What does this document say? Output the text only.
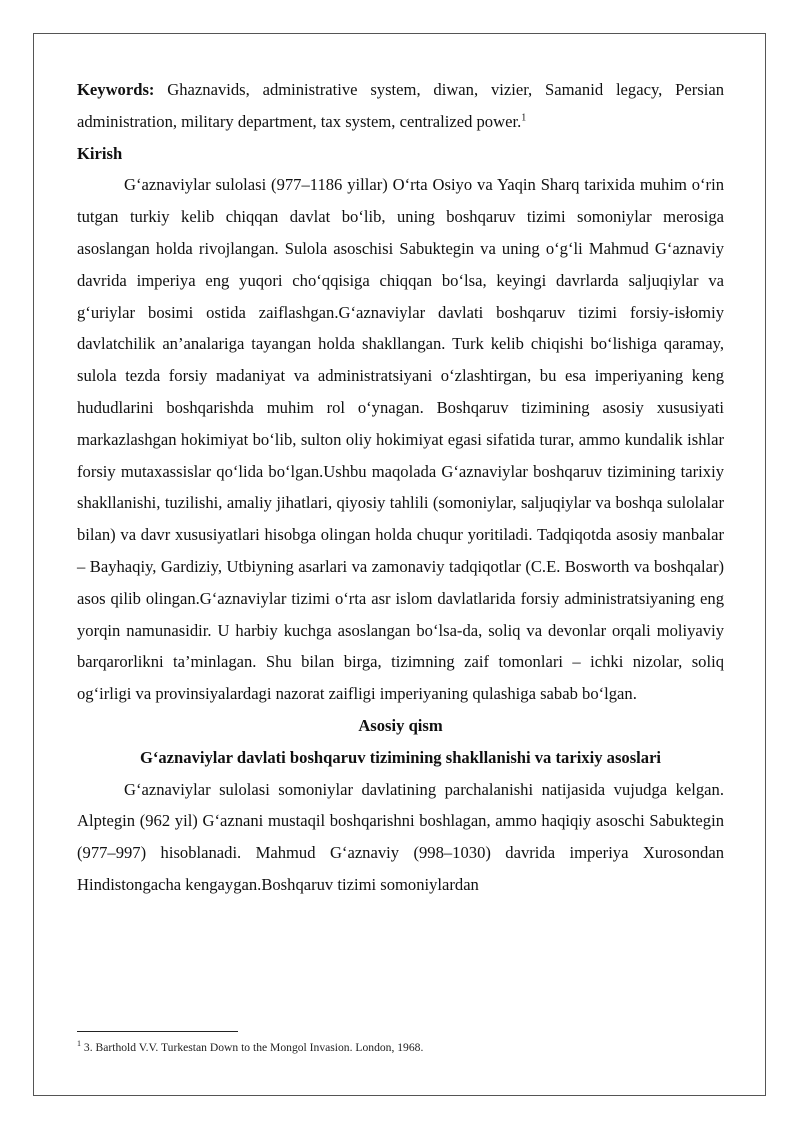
Keywords: Ghaznavids, administrative system, diwan, vizier, Samanid legacy, Persian administration, military department, tax system, centralized power.$^1$

Kirish

G‘aznaviylar sulolasi (977–1186 yillar) O‘rta Osiyo va Yaqin Sharq tarixida muhim o‘rin tutgan turkiy kelib chiqqan davlat bo‘lib, uning boshqaruv tizimi somoniylar merosiga asoslangan holda rivojlangan. Sulola asoschisi Sabuktegin va uning o‘g‘li Mahmud G‘aznaviy davrida imperiya eng yuqori cho‘qqisiga chiqqan bo‘lsa, keyingi davrlarda saljuqiylar va g‘uriylar bosimi ostida zaiflashgan.G‘aznaviylar davlati boshqaruv tizimi forsiy-isłomiy davlatchilik an’analariga tayangan holda shakllangan. Turk kelib chiqishi bo‘lishiga qaramay, sulola tezda forsiy madaniyat va administratsiyani o‘zlashtirgan, bu esa imperiyaning keng hududlarini boshqarishda muhim rol o‘ynagan. Boshqaruv tizimining asosiy xususiyati markazlashgan hokimiyat bo‘lib, sulton oliy hokimiyat egasi sifatida turar, ammo kundalik ishlar forsiy mutaxassislar qo‘lida bo‘lgan.Ushbu maqolada G‘aznaviylar boshqaruv tizimining tarixiy shakllanishi, tuzilishi, amaliy jihatlari, qiyosiy tahlili (somoniylar, saljuqiylar va boshqa sulolalar bilan) va davr xususiyatlari hisobga olingan holda chuqur yoritiladi. Tadqiqotda asosiy manbalar – Bayhaqiy, Gardiziy, Utbiyning asarlari va zamonaviy tadqiqotlar (C.E. Bosworth va boshqalar) asos qilib olingan.G‘aznaviylar tizimi o‘rta asr islom davlatlarida forsiy administratsiyaning eng yorqin namunasidir. U harbiy kuchga asoslangan bo‘lsa-da, soliq va devonlar orqali moliyaviy barqarorlikni ta’minlagan. Shu bilan birga, tizimning zaif tomonlari – ichki nizolar, soliq og‘irligi va provinsiyalardagi nazorat zaifligi imperiyaning qulashiga sabab bo‘lgan.

Asosiy qism

G‘aznaviylar davlati boshqaruv tizimining shakllanishi va tarixiy asoslari

G‘aznaviylar sulolasi somoniylar davlatining parchalanishi natijasida vujudga kelgan. Alptegin (962 yil) G‘aznani mustaqil boshqarishni boshlagan, ammo haqiqiy asoschi Sabuktegin (977–997) hisoblanadi. Mahmud G‘aznaviy (998–1030) davrida imperiya Xurosondan Hindistongacha kengaygan.Boshqaruv tizimi somoniylardan

$^1$ 3. Barthold V.V. Turkestan Down to the Mongol Invasion. London, 1968.
